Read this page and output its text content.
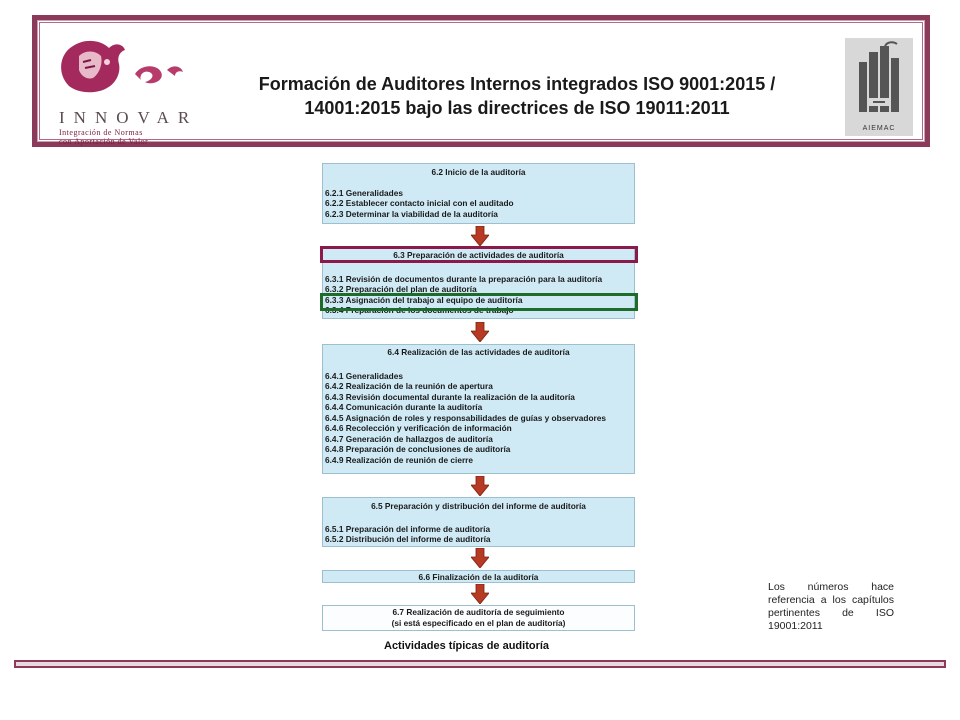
INNOVAR
Integración de Normas
con Aportación de Valor
Formación de Auditores Internos integrados ISO 9001:2015 /
14001:2015 bajo las directrices de ISO 19011:2011
AIEMAC
6.2 Inicio de la auditoría
6.2.1 Generalidades
6.2.2 Establecer contacto inicial con el auditado
6.2.3 Determinar la viabilidad de la auditoría
6.3 Preparación de actividades de auditoría
6.3.1 Revisión de documentos durante la preparación para la auditoría
6.3.2 Preparación del plan de auditoría
6.3.3 Asignación del trabajo al equipo de auditoría
6.3.4 Preparación de los documentos de trabajo
6.4 Realización de las actividades de auditoría
6.4.1 Generalidades
6.4.2 Realización de la reunión de apertura
6.4.3 Revisión documental durante la realización de la auditoría
6.4.4 Comunicación durante la auditoría
6.4.5 Asignación de roles y responsabilidades de guías y observadores
6.4.6 Recolección y verificación de información
6.4.7 Generación de hallazgos de auditoría
6.4.8 Preparación de conclusiones de auditoría
6.4.9 Realización de reunión de cierre
6.5 Preparación y distribución del informe de auditoría
6.5.1 Preparación del informe de auditoría
6.5.2 Distribución del informe de auditoría
6.6 Finalización de la auditoría
6.7 Realización de auditoría de seguimiento
(si está especificado en el plan de auditoría)
Actividades típicas de auditoría
Los números hace referencia a los capítulos pertinentes de ISO 19001:2011
